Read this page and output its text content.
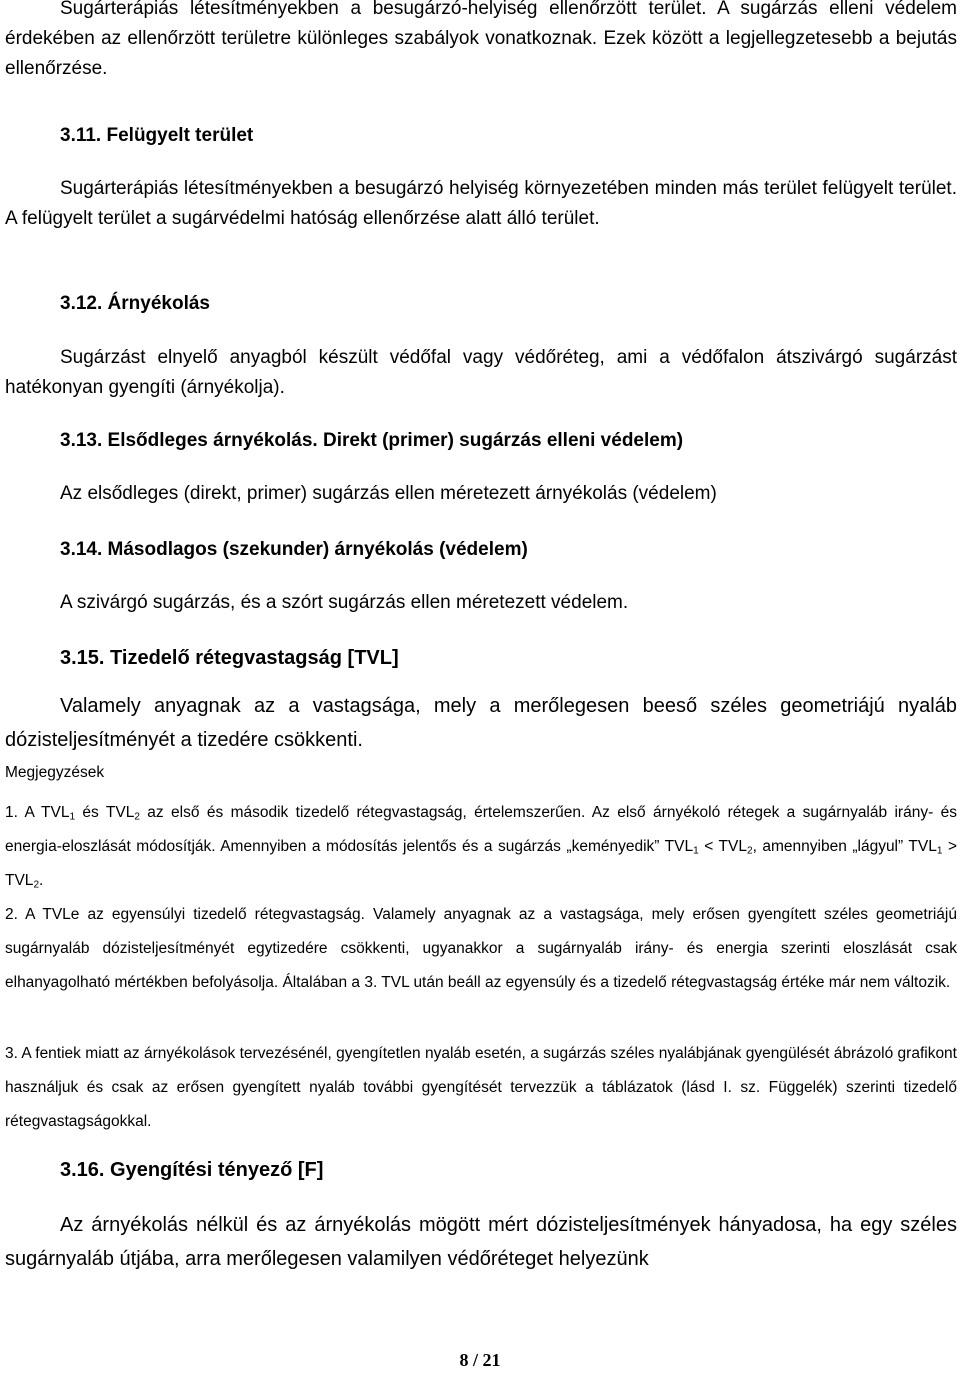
Sugárterápiás létesítményekben a besugárzó-helyiség ellenőrzött terület. A sugárzás elleni védelem érdekében az ellenőrzött területre különleges szabályok vonatkoznak. Ezek között a legjellegzetesebb a bejutás ellenőrzése.

3.11. Felügyelt terület

Sugárterápiás létesítményekben a besugárzó helyiség környezetében minden más terület felügyelt terület. A felügyelt terület a sugárvédelmi hatóság ellenőrzése alatt álló terület.

3.12. Árnyékolás

Sugárzást elnyelő anyagból készült védőfal vagy védőréteg, ami a védőfalon átszivárgó sugárzást hatékonyan gyengíti (árnyékolja).

3.13. Elsődleges árnyékolás. Direkt (primer) sugárzás elleni védelem)

Az elsődleges (direkt, primer) sugárzás ellen méretezett árnyékolás (védelem)

3.14. Másodlagos (szekunder) árnyékolás (védelem)

A szivárgó sugárzás, és a szórt sugárzás ellen méretezett védelem.

3.15. Tizedelő rétegvastagság [TVL]

Valamely anyagnak az a vastagsága, mely a merőlegesen beeső széles geometriájú nyaláb dózisteljesítményét a tizedére csökkenti.

Megjegyzések

1. A $TVL_1$ és $TVL_2$ az első és második tizedelő rétegvastagság, értelemszerűen. Az első árnyékoló rétegek a sugárnyaláb irány- és energia-eloszlását módosítják. Amennyiben a módosítás jelentős és a sugárzás „keményedik” $TVL_1 < TVL_2$, amennyiben „lágyul” $TVL_1 > TVL_2$.

2. A TVLe az egyensúlyi tizedelő rétegvastagság. Valamely anyagnak az a vastagsága, mely erősen gyengített széles geometriájú sugárnyaláb dózisteljesítményét egytizedére csökkenti, ugyanakkor a sugárnyaláb irány- és energia szerinti eloszlását csak elhanyagolható mértékben befolyásolja. Általában a 3. TVL után beáll az egyensúly és a tizedelő rétegvastagság értéke már nem változik.

3. A fentiek miatt az árnyékolások tervezésénél, gyengítetlen nyaláb esetén, a sugárzás széles nyalábjának gyengülését ábrázoló grafikont használjuk és csak az erősen gyengített nyaláb további gyengítését tervezzük a táblázatok (lásd I. sz. Függelék) szerinti tizedelő rétegvastagságokkal.

3.16. Gyengítési tényező [F]

Az árnyékolás nélkül és az árnyékolás mögött mért dózisteljesítmények hányadosa, ha egy széles sugárnyaláb útjába, arra merőlegesen valamilyen védőréteget helyezünk

8 / 21
